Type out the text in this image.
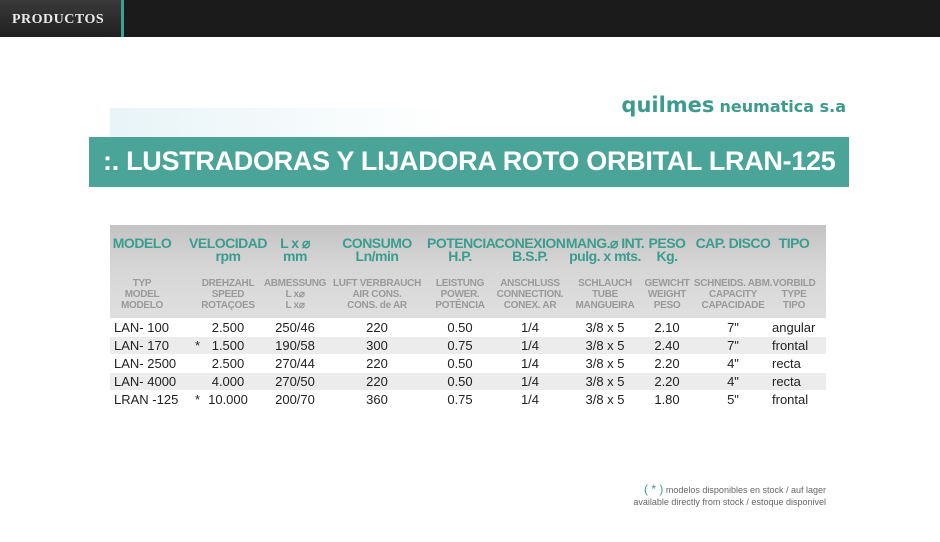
PRODUCTOS
quilmes neumatica s.a
:. LUSTRADORAS Y LIJADORA ROTO ORBITAL LRAN-125
MODELO
TYP
MODEL
MODELO
VELOCIDAD
rpm
DREHZAHL
SPEED
ROTAÇOES
L x ⌀
mm
ABMESSUNG
L x⌀
L x⌀
CONSUMO
Ln/min
LUFT VERBRAUCH
AIR CONS.
CONS. de AR
POTENCIA
H.P.
LEISTUNG
POWER.
POTÊNCIA
CONEXION
B.S.P.
ANSCHLUSS
CONNECTION.
CONEX. AR
MANG.⌀ INT.
pulg. x mts.
SCHLAUCH
TUBE
MANGUEIRA
PESO
Kg.
GEWICHT
WEIGHT
PESO
CAP. DISCO
SCHNEIDS. ABM.
CAPACITY
CAPACIDADE
TIPO
VORBILD
TYPE
TIPO
LAN- 100	2.500	250/46	220	0.50	1/4	3/8 x 5	2.10	7"	angular
LAN- 170 * 1.500	190/58	300	0.75	1/4	3/8 x 5	2.40	7"	frontal
LAN- 2500	2.500	270/44	220	0.50	1/4	3/8 x 5	2.20	4"	recta
LAN- 4000	4.000	270/50	220	0.50	1/4	3/8 x 5	2.20	4"	recta
LRAN -125 * 10.000	200/70	360	0.75	1/4	3/8 x 5	1.80	5"	frontal
( * ) modelos disponibles en stock / auf lager
available directly from stock / estoque disponivel
